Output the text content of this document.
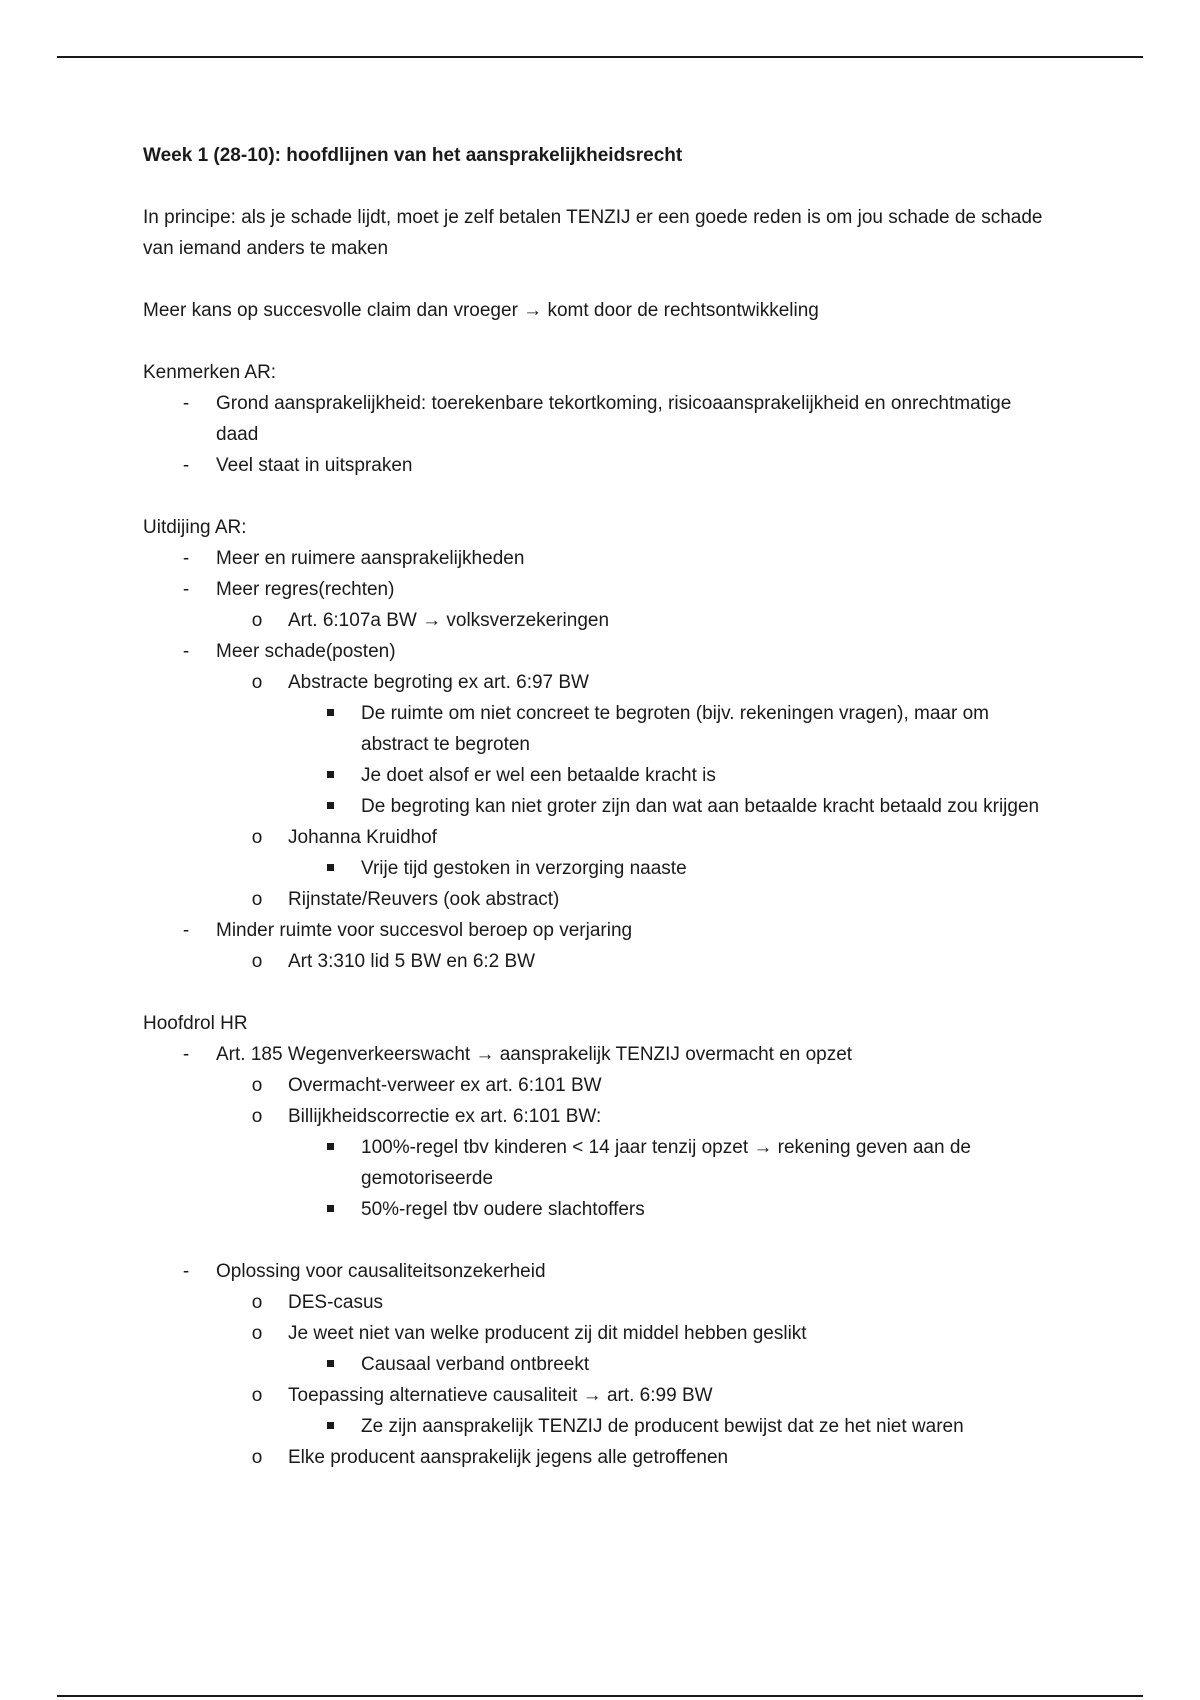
Week 1 (28-10): hoofdlijnen van het aansprakelijkheidsrecht

In principe: als je schade lijdt, moet je zelf betalen TENZIJ er een goede reden is om jou schade de schade van iemand anders te maken

Meer kans op succesvolle claim dan vroeger → komt door de rechtsontwikkeling

Kenmerken AR:

- Grond aansprakelijkheid: toerekenbare tekortkoming, risicoaansprakelijkheid en onrechtmatige daad
- Veel staat in uitspraken

Uitdijing AR:

- Meer en ruimere aansprakelijkheden
- Meer regres(rechten)
o Art. 6:107a BW → volksverzekeringen
- Meer schade(posten)
o Abstracte begroting ex art. 6:97 BW
De ruimte om niet concreet te begroten (bijv. rekeningen vragen), maar om abstract te begroten
Je doet alsof er wel een betaalde kracht is
De begroting kan niet groter zijn dan wat aan betaalde kracht betaald zou krijgen
o Johanna Kruidhof
Vrije tijd gestoken in verzorging naaste
o Rijnstate/Reuvers (ook abstract)
- Minder ruimte voor succesvol beroep op verjaring
o Art 3:310 lid 5 BW en 6:2 BW

Hoofdrol HR

- Art. 185 Wegenverkeerswacht → aansprakelijk TENZIJ overmacht en opzet
o Overmacht-verweer ex art. 6:101 BW
o Billijkheidscorrectie ex art. 6:101 BW:
100%-regel tbv kinderen < 14 jaar tenzij opzet → rekening geven aan de gemotoriseerde
50%-regel tbv oudere slachtoffers
- Oplossing voor causaliteitsonzekerheid
o DES-casus
o Je weet niet van welke producent zij dit middel hebben geslikt
Causaal verband ontbreekt
o Toepassing alternatieve causaliteit → art. 6:99 BW
Ze zijn aansprakelijk TENZIJ de producent bewijst dat ze het niet waren
o Elke producent aansprakelijk jegens alle getroffenen
